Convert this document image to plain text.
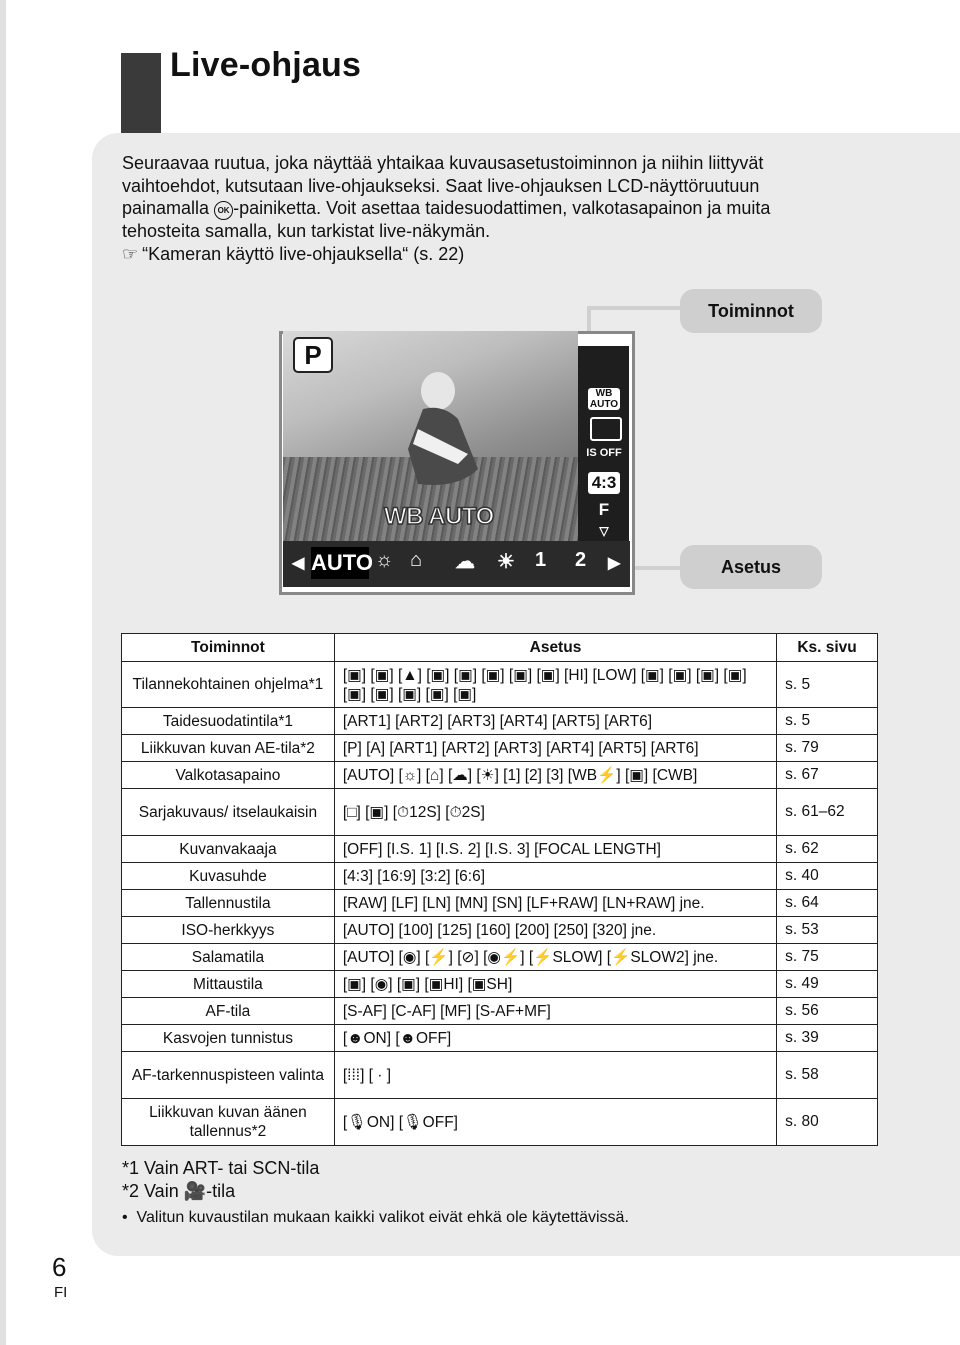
Live-ohjaus

Seuraavaa ruutua, joka näyttää yhtaikaa kuvausasetustoiminnon ja niihin liittyvät

vaihtoehdot, kutsutaan live-ohjaukseksi. Saat live-ohjauksen LCD-näyttöruutuun

painamalla OK -painiketta. Voit asettaa taidesuodattimen, valkotasapainon ja muita

tehosteita samalla, kun tarkistat live-näkymän.

☞ “Kameran käyttö live-ohjauksella“ (s. 22)

Toiminnot
Asetus
P
WB AUTO
IS OFF
4:3
F
▽
WB AUTO
◀ AUTO ☼ ⌂ ☁ ☀ 1 2 ▶
Toiminnot	Asetus	Ks. sivu
Tilannekohtainen ohjelma*1	[▣] [▣] [▲] [▣] [▣] [▣] [▣] [▣] [HI] [LOW] [▣] [▣] [▣] [▣][▣] [▣] [▣] [▣] [▣]	s. 5
Taidesuodatintila*1	[ART1] [ART2] [ART3] [ART4] [ART5] [ART6]	s. 5
Liikkuvan kuvan AE-tila*2	[P] [A] [ART1] [ART2] [ART3] [ART4] [ART5] [ART6]	s. 79
Valkotasapaino	[AUTO] [☼] [⌂] [☁] [☀] [1] [2] [3] [WB⚡] [▣] [CWB]	s. 67
Sarjakuvaus/ itselaukaisin	[□] [▣] [⏱12S] [⏱2S]	s. 61–62
Kuvanvakaaja	[OFF] [I.S. 1] [I.S. 2] [I.S. 3] [FOCAL LENGTH]	s. 62
Kuvasuhde	[4:3] [16:9] [3:2] [6:6]	s. 40
Tallennustila	[RAW] [LF] [LN] [MN] [SN] [LF+RAW] [LN+RAW] jne.	s. 64
ISO-herkkyys	[AUTO] [100] [125] [160] [200] [250] [320] jne.	s. 53
Salamatila	[AUTO] [◉] [⚡] [⊘] [◉⚡] [⚡SLOW] [⚡SLOW2] jne.	s. 75
Mittaustila	[▣] [◉] [▣] [▣HI] [▣SH]	s. 49
AF-tila	[S-AF] [C-AF] [MF] [S-AF+MF]	s. 56
Kasvojen tunnistus	[☻ON] [☻OFF]	s. 39
AF-tarkennuspisteen valinta	[⁞⁞⁞] [ · ]	s. 58
Liikkuvan kuvan äänen tallennus*2	[🎙ON] [🎙OFF]	s. 80
*1 Vain ART- tai SCN-tila
*2 Vain 🎥-tila
•  Valitun kuvaustilan mukaan kaikki valikot eivät ehkä ole käytettävissä.
6
FI
